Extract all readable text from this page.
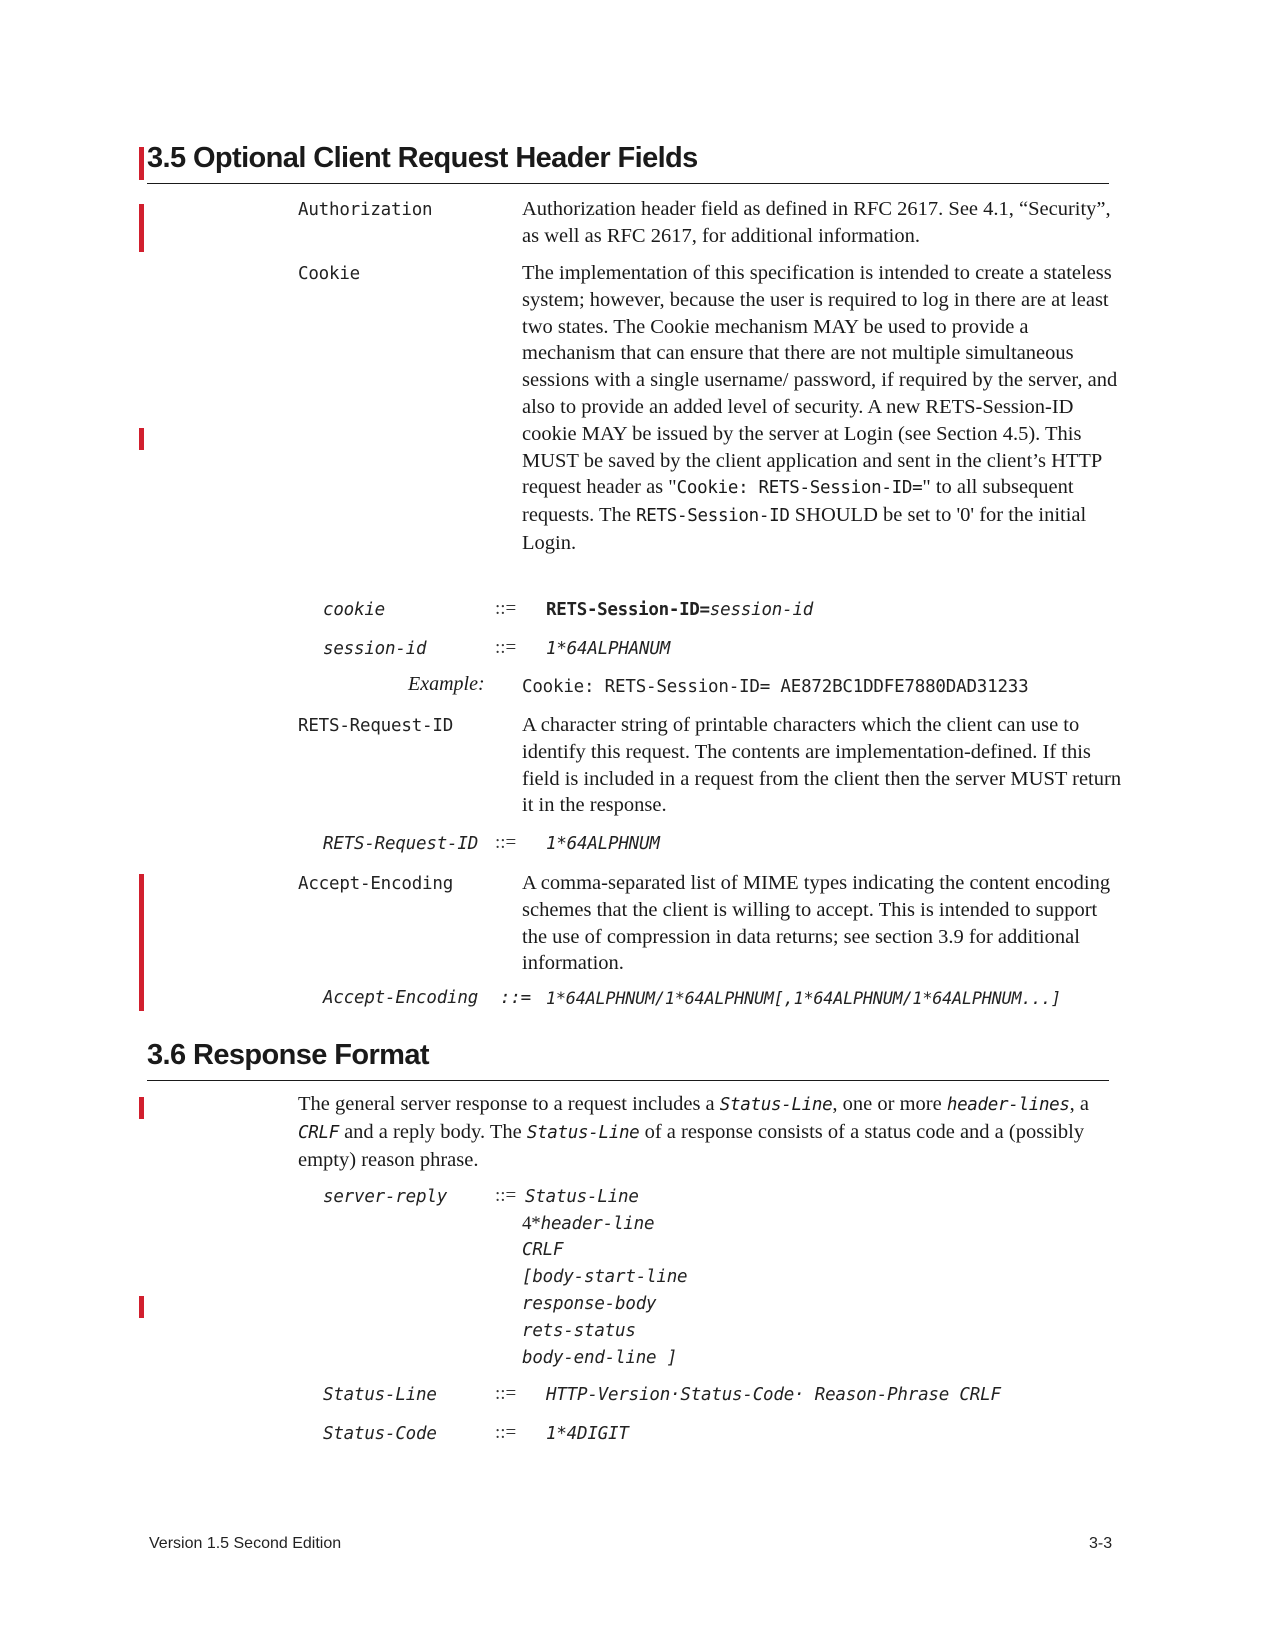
3.5 Optional Client Request Header Fields
Authorization	Authorization header field as defined in RFC 2617. See 4.1, “Security”, as well as RFC 2617, for additional information.
Cookie	The implementation of this specification is intended to create a stateless system; however, because the user is required to log in there are at least two states. The Cookie mechanism MAY be used to provide a mechanism that can ensure that there are not multiple simultaneous sessions with a single username/ password, if required by the server, and also to provide an added level of security. A new RETS-Session-ID cookie MAY be issued by the server at Login (see Section 4.5). This MUST be saved by the client application and sent in the client’s HTTP request header as "Cookie: RETS-Session-ID=" to all subsequent requests. The RETS-Session-ID SHOULD be set to '0' for the initial Login.
cookie	::= RETS-Session-ID=session-id
session-id	::= 1*64ALPHANUM
Example: Cookie: RETS-Session-ID= AE872BC1DDFE7880DAD31233
RETS-Request-ID	A character string of printable characters which the client can use to identify this request. The contents are implementation-defined. If this field is included in a request from the client then the server MUST return it in the response.
RETS-Request-ID ::= 1*64ALPHNUM
Accept-Encoding	A comma-separated list of MIME types indicating the content encoding schemes that the client is willing to accept. This is intended to support the use of compression in data returns; see section 3.9 for additional information.
Accept-Encoding ::= 1*64ALPHNUM/1*64ALPHNUM[,1*64ALPHNUM/1*64ALPHNUM...]
3.6 Response Format
The general server response to a request includes a Status-Line, one or more header-lines, a CRLF and a reply body. The Status-Line of a response consists of a status code and a (possibly empty) reason phrase.
server-reply	::= Status-Line
4*header-line
CRLF
[body-start-line
response-body
rets-status
body-end-line ]
Status-Line	::= HTTP-Version·Status-Code· Reason-Phrase CRLF
Status-Code	::= 1*4DIGIT
Version 1.5 Second Edition	3-3
